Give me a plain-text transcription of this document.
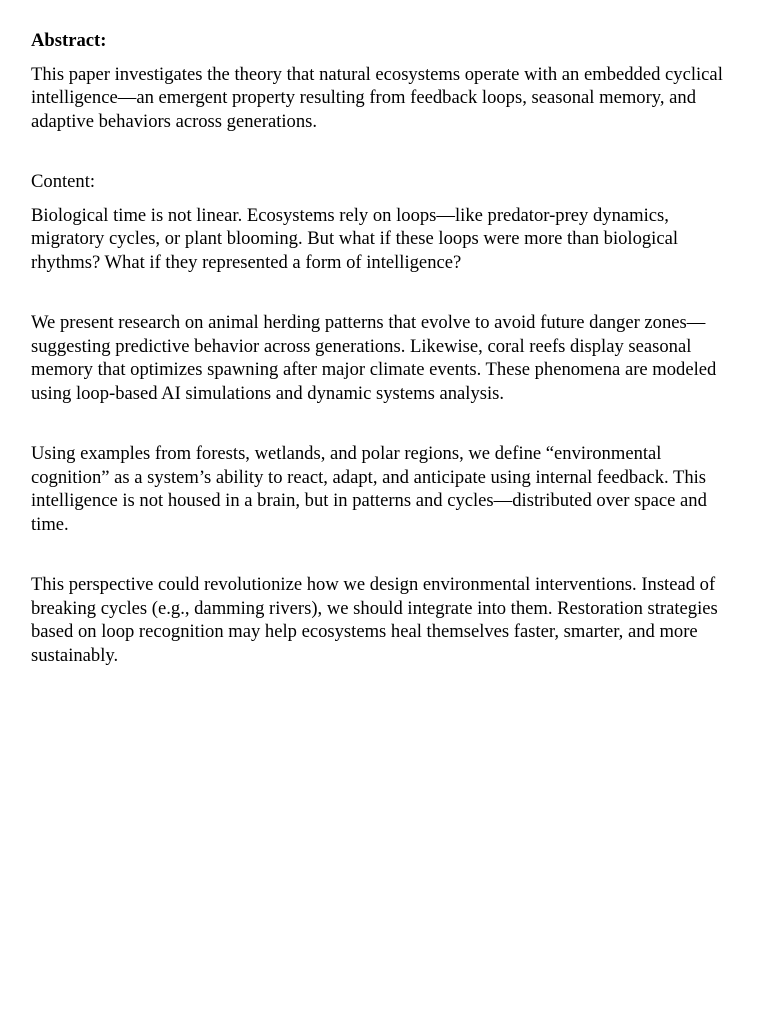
Abstract:

This paper investigates the theory that natural ecosystems operate with an embedded cyclical intelligence—an emergent property resulting from feedback loops, seasonal memory, and adaptive behaviors across generations.

Content:

Biological time is not linear. Ecosystems rely on loops—like predator-prey dynamics, migratory cycles, or plant blooming. But what if these loops were more than biological rhythms? What if they represented a form of intelligence?

We present research on animal herding patterns that evolve to avoid future danger zones—suggesting predictive behavior across generations. Likewise, coral reefs display seasonal memory that optimizes spawning after major climate events. These phenomena are modeled using loop-based AI simulations and dynamic systems analysis.

Using examples from forests, wetlands, and polar regions, we define “environmental cognition” as a system’s ability to react, adapt, and anticipate using internal feedback. This intelligence is not housed in a brain, but in patterns and cycles—distributed over space and time.

This perspective could revolutionize how we design environmental interventions. Instead of breaking cycles (e.g., damming rivers), we should integrate into them. Restoration strategies based on loop recognition may help ecosystems heal themselves faster, smarter, and more sustainably.
